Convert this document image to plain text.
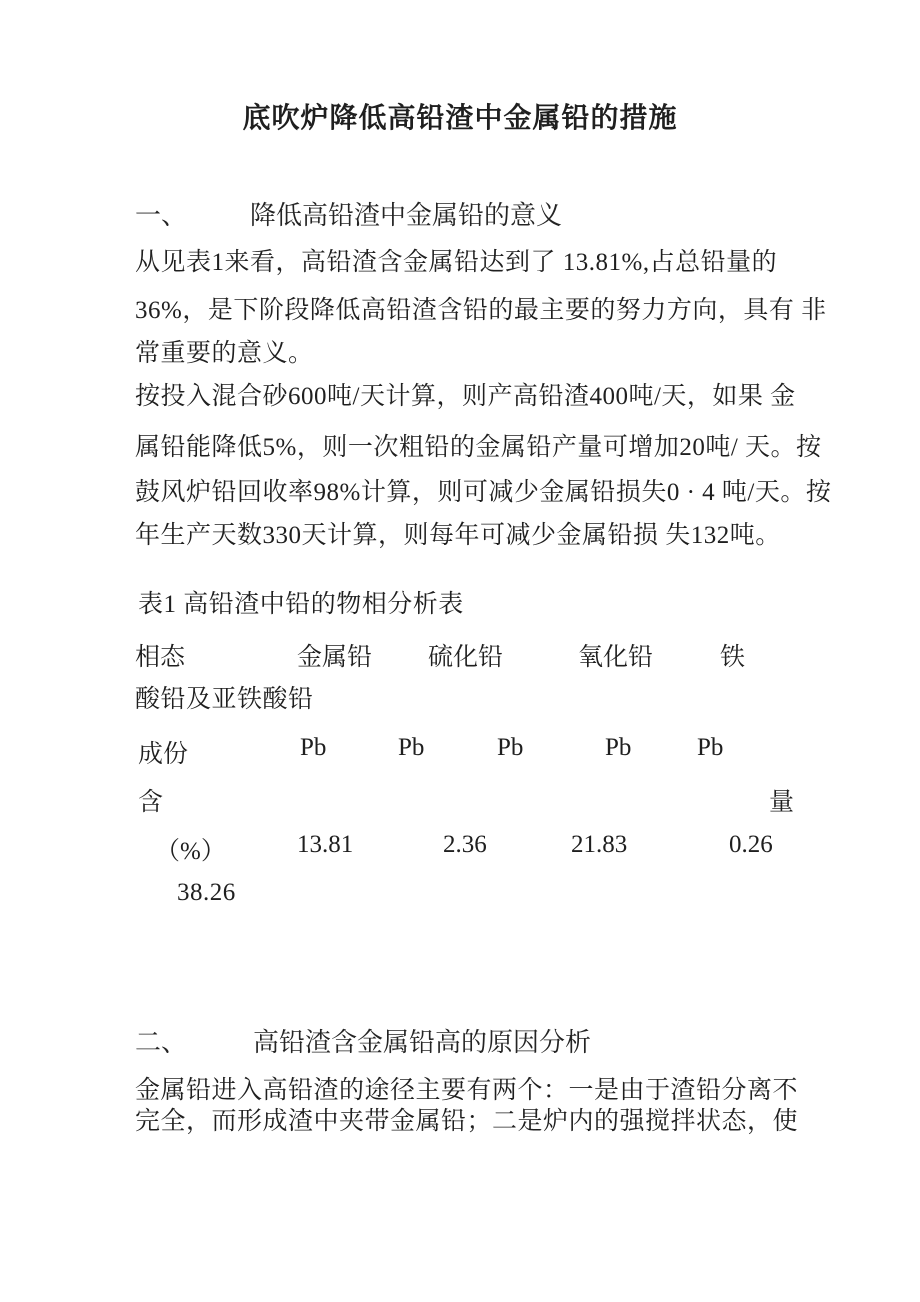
底吹炉降低高铅渣中金属铅的措施
一、 降低高铅渣中金属铅的意义
从见表1来看，高铅渣含金属铅达到了 13.81%,占总铅量的
36%，是下阶段降低高铅渣含铅的最主要的努力方向，具有 非
常重要的意义。
按投入混合砂600吨/天计算，则产高铅渣400吨/天，如果 金
属铅能降低5%，则一次粗铅的金属铅产量可增加20吨/ 天。按
鼓风炉铅回收率98%计算，则可减少金属铅损失0 · 4 吨/天。按
年生产天数330天计算，则每年可减少金属铅损 失132吨。
表1 高铅渣中铅的物相分析表
相态	金属铅 硫化铅	氧化铅	铁
酸铅及亚铁酸铅
成份	Pb	Pb	Pb	Pb	Pb
含	量
（%）	13.81	2.36	21.83	0.26
38.26
二、	高铅渣含金属铅高的原因分析
金属铅进入高铅渣的途径主要有两个：一是由于渣铅分离不
完全，而形成渣中夹带金属铅；二是炉内的强搅拌状态，使
